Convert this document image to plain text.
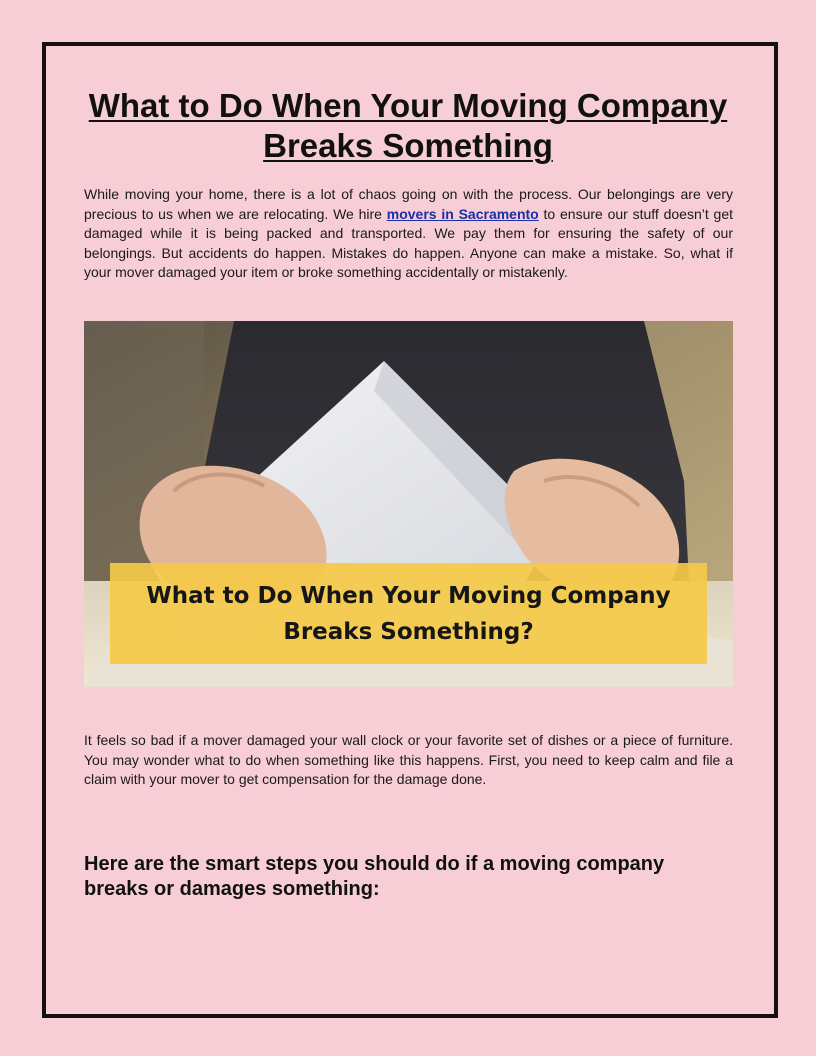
What to Do When Your Moving Company Breaks Something

While moving your home, there is a lot of chaos going on with the process. Our belongings are very precious to us when we are relocating. We hire movers in Sacramento to ensure our stuff doesn’t get damaged while it is being packed and transported. We pay them for ensuring the safety of our belongings. But accidents do happen. Mistakes do happen. Anyone can make a mistake. So, what if your mover damaged your item or broke something accidentally or mistakenly.

What to Do When Your Moving Company Breaks Something?

It feels so bad if a mover damaged your wall clock or your favorite set of dishes or a piece of furniture. You may wonder what to do when something like this happens. First, you need to keep calm and file a claim with your mover to get compensation for the damage done.

Here are the smart steps you should do if a moving company breaks or damages something:
